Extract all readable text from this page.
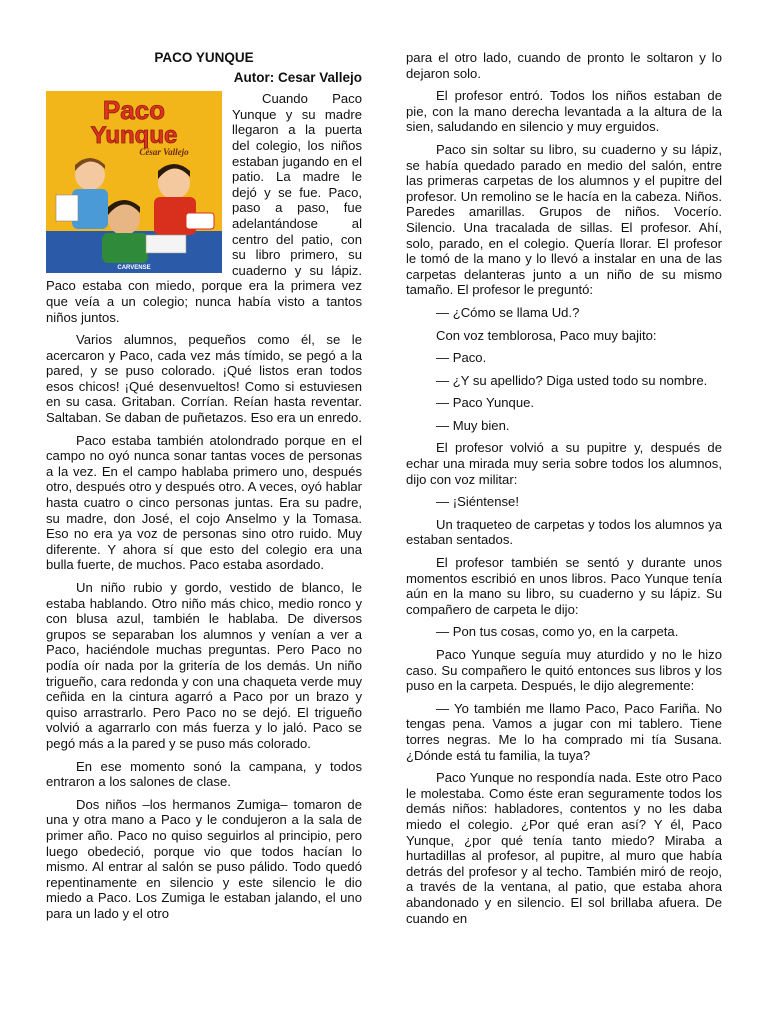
PACO YUNQUE
Autor: Cesar Vallejo
Paco
Yunque
César Vallejo
CARVENSE

Cuando Paco Yunque y su madre llegaron a la puerta del colegio, los niños estaban jugando en el patio. La madre le dejó y se fue. Paco, paso a paso, fue adelantándose al centro del patio, con su libro primero, su cuaderno y su lápiz. Paco estaba con miedo, porque era la primera vez que veía a un colegio; nunca había visto a tantos niños juntos.

Varios alumnos, pequeños como él, se le acercaron y Paco, cada vez más tímido, se pegó a la pared, y se puso colorado. ¡Qué listos eran todos esos chicos! ¡Qué desenvueltos! Como si estuviesen en su casa. Gritaban. Corrían. Reían hasta reventar. Saltaban. Se daban de puñetazos. Eso era un enredo.

Paco estaba también atolondrado porque en el campo no oyó nunca sonar tantas voces de personas a la vez. En el campo hablaba primero uno, después otro, después otro y después otro. A veces, oyó hablar hasta cuatro o cinco personas juntas. Era su padre, su madre, don José, el cojo Anselmo y la Tomasa. Eso no era ya voz de personas sino otro ruido. Muy diferente. Y ahora sí que esto del colegio era una bulla fuerte, de muchos. Paco estaba asordado.

Un niño rubio y gordo, vestido de blanco, le estaba hablando. Otro niño más chico, medio ronco y con blusa azul, también le hablaba. De diversos grupos se separaban los alumnos y venían a ver a Paco, haciéndole muchas preguntas. Pero Paco no podía oír nada por la gritería de los demás. Un niño trigueño, cara redonda y con una chaqueta verde muy ceñida en la cintura agarró a Paco por un brazo y quiso arrastrarlo. Pero Paco no se dejó. El trigueño volvió a agarrarlo con más fuerza y lo jaló. Paco se pegó más a la pared y se puso más colorado.

En ese momento sonó la campana, y todos entraron a los salones de clase.

Dos niños –los hermanos Zumiga– tomaron de una y otra mano a Paco y le condujeron a la sala de primer año. Paco no quiso seguirlos al principio, pero luego obedeció, porque vio que todos hacían lo mismo. Al entrar al salón se puso pálido. Todo quedó repentinamente en silencio y este silencio le dio miedo a Paco. Los Zumiga le estaban jalando, el uno para un lado y el otro

para el otro lado, cuando de pronto le soltaron y lo dejaron solo.

El profesor entró. Todos los niños estaban de pie, con la mano derecha levantada a la altura de la sien, saludando en silencio y muy erguidos.

Paco sin soltar su libro, su cuaderno y su lápiz, se había quedado parado en medio del salón, entre las primeras carpetas de los alumnos y el pupitre del profesor. Un remolino se le hacía en la cabeza. Niños. Paredes amarillas. Grupos de niños. Vocerío. Silencio. Una tracalada de sillas. El profesor. Ahí, solo, parado, en el colegio. Quería llorar. El profesor le tomó de la mano y lo llevó a instalar en una de las carpetas delanteras junto a un niño de su mismo tamaño. El profesor le preguntó:

— ¿Cómo se llama Ud.?

Con voz temblorosa, Paco muy bajito:

— Paco.

— ¿Y su apellido? Diga usted todo su nombre.

— Paco Yunque.

— Muy bien.

El profesor volvió a su pupitre y, después de echar una mirada muy seria sobre todos los alumnos, dijo con voz militar:

— ¡Siéntense!

Un traqueteo de carpetas y todos los alumnos ya estaban sentados.

El profesor también se sentó y durante unos momentos escribió en unos libros. Paco Yunque tenía aún en la mano su libro, su cuaderno y su lápiz. Su compañero de carpeta le dijo:

— Pon tus cosas, como yo, en la carpeta.

Paco Yunque seguía muy aturdido y no le hizo caso. Su compañero le quitó entonces sus libros y los puso en la carpeta. Después, le dijo alegremente:

— Yo también me llamo Paco, Paco Fariña. No tengas pena. Vamos a jugar con mi tablero. Tiene torres negras. Me lo ha comprado mi tía Susana. ¿Dónde está tu familia, la tuya?

Paco Yunque no respondía nada. Este otro Paco le molestaba. Como éste eran seguramente todos los demás niños: habladores, contentos y no les daba miedo el colegio. ¿Por qué eran así? Y él, Paco Yunque, ¿por qué tenía tanto miedo? Miraba a hurtadillas al profesor, al pupitre, al muro que había detrás del profesor y al techo. También miró de reojo, a través de la ventana, al patio, que estaba ahora abandonado y en silencio. El sol brillaba afuera. De cuando en
